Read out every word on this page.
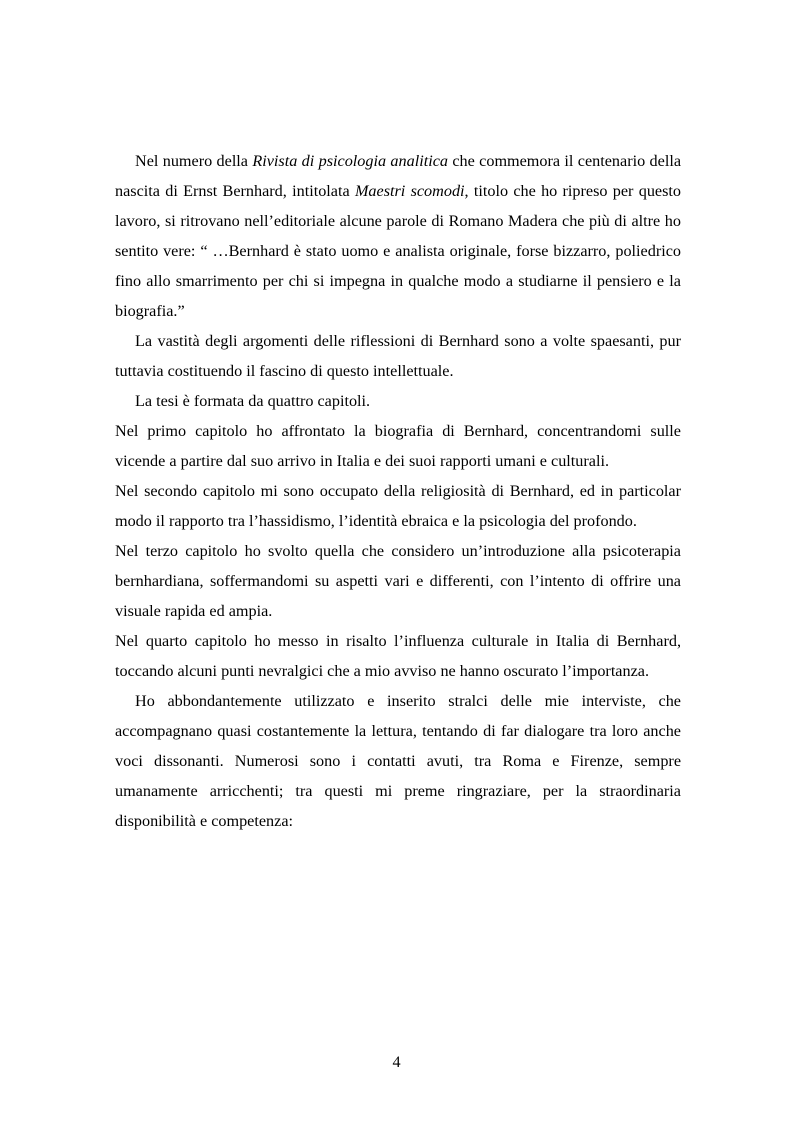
Nel numero della Rivista di psicologia analitica che commemora il centenario della nascita di Ernst Bernhard, intitolata Maestri scomodi, titolo che ho ripreso per questo lavoro, si ritrovano nell’editoriale alcune parole di Romano Madera che più di altre ho sentito vere: “ …Bernhard è stato uomo e analista originale, forse bizzarro, poliedrico fino allo smarrimento per chi si impegna in qualche modo a studiarne il pensiero e la biografia.”

La vastità degli argomenti delle riflessioni di Bernhard sono a volte spaesanti, pur tuttavia costituendo il fascino di questo intellettuale.

La tesi è formata da quattro capitoli.

Nel primo capitolo ho affrontato la biografia di Bernhard, concentrandomi sulle vicende a partire dal suo arrivo in Italia e dei suoi rapporti umani e culturali.

Nel secondo capitolo mi sono occupato della religiosità di Bernhard, ed in particolar modo il rapporto tra l’hassidismo, l’identità ebraica e la psicologia del profondo.

Nel terzo capitolo ho svolto quella che considero un’introduzione alla psicoterapia bernhardiana, soffermandomi su aspetti vari e differenti, con l’intento di offrire una visuale rapida ed ampia.

Nel quarto capitolo ho messo in risalto l’influenza culturale in Italia di Bernhard, toccando alcuni punti nevralgici che a mio avviso ne hanno oscurato l’importanza.

Ho abbondantemente utilizzato e inserito stralci delle mie interviste, che accompagnano quasi costantemente la lettura, tentando di far dialogare tra loro anche voci dissonanti. Numerosi sono i contatti avuti, tra Roma e Firenze, sempre umanamente arricchenti; tra questi mi preme ringraziare, per la straordinaria disponibilità e competenza:

4
